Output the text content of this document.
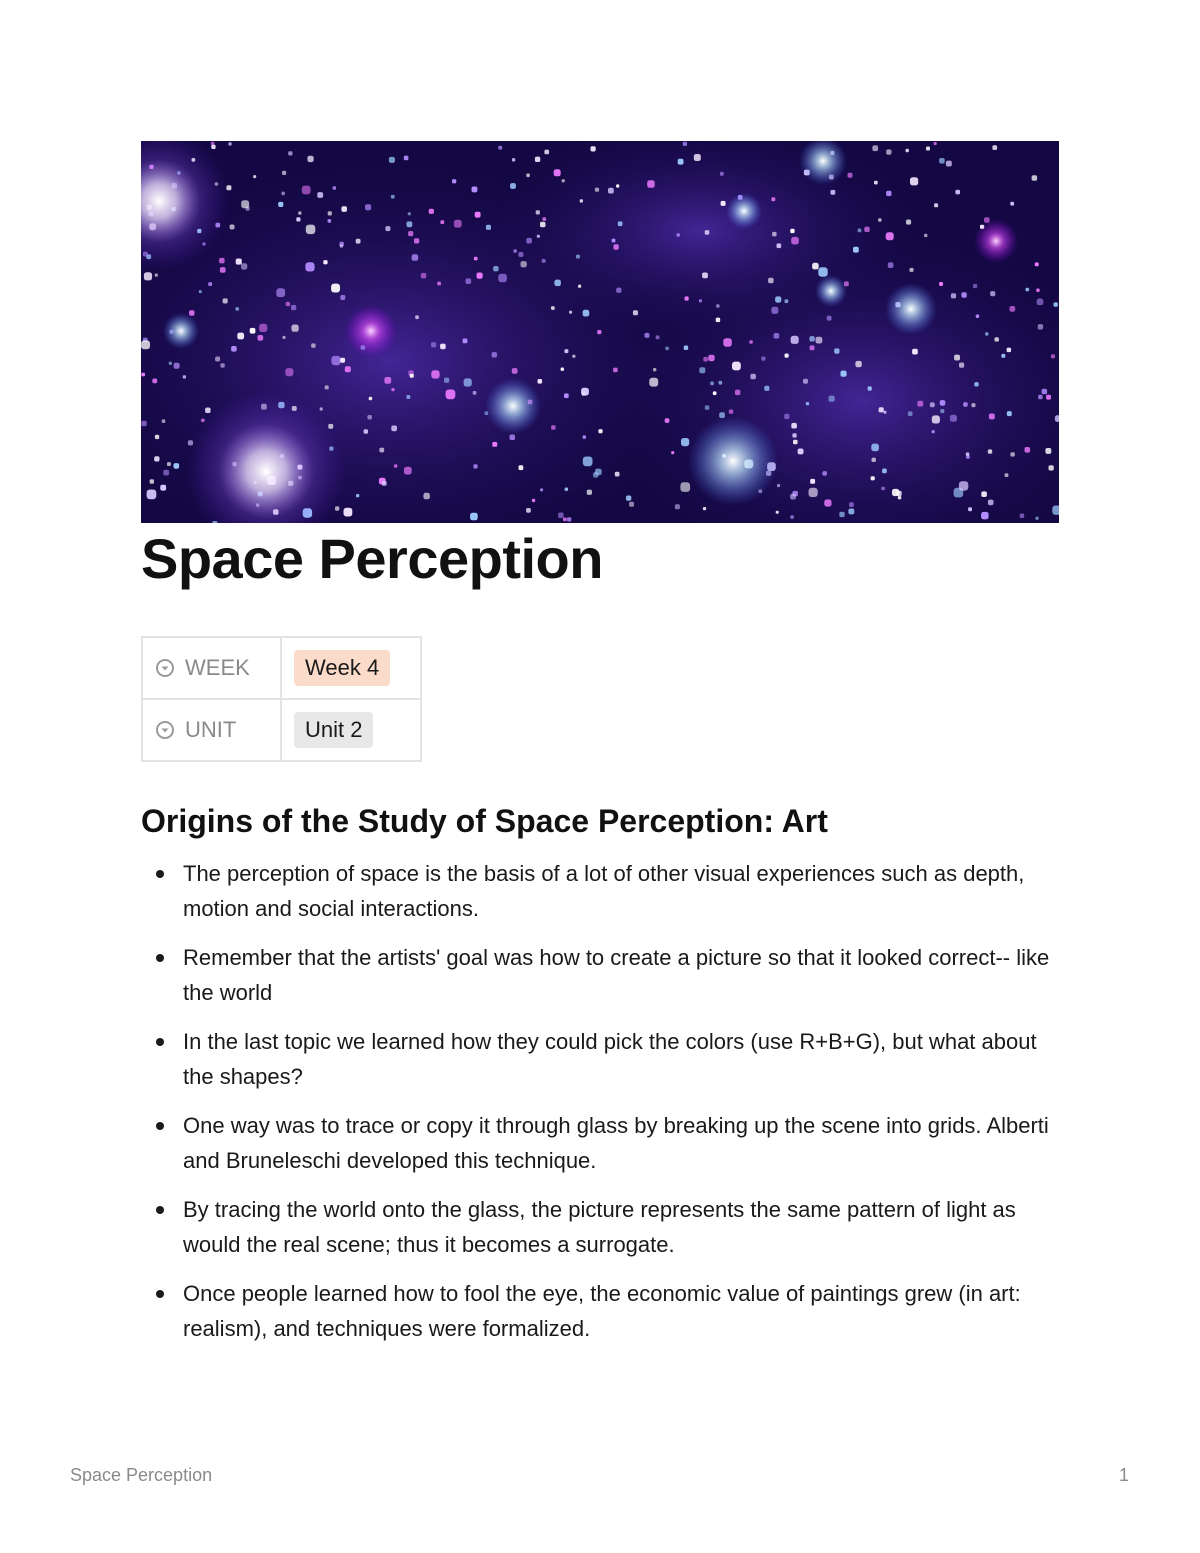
Space Perception
WEEK	Week 4

UNIT	Unit 2
Origins of the Study of Space Perception: Art
The perception of space is the basis of a lot of other visual experiences such as depth, motion and social interactions.
Remember that the artists' goal was how to create a picture so that it looked correct-- like the world
In the last topic we learned how they could pick the colors (use R+B+G), but what about the shapes?
One way was to trace or copy it through glass by breaking up the scene into grids. Alberti and Bruneleschi developed this technique.
By tracing the world onto the glass, the picture represents the same pattern of light as would the real scene; thus it becomes a surrogate.
Once people learned how to fool the eye, the economic value of paintings grew (in art: realism), and techniques were formalized.
Space Perception	1
